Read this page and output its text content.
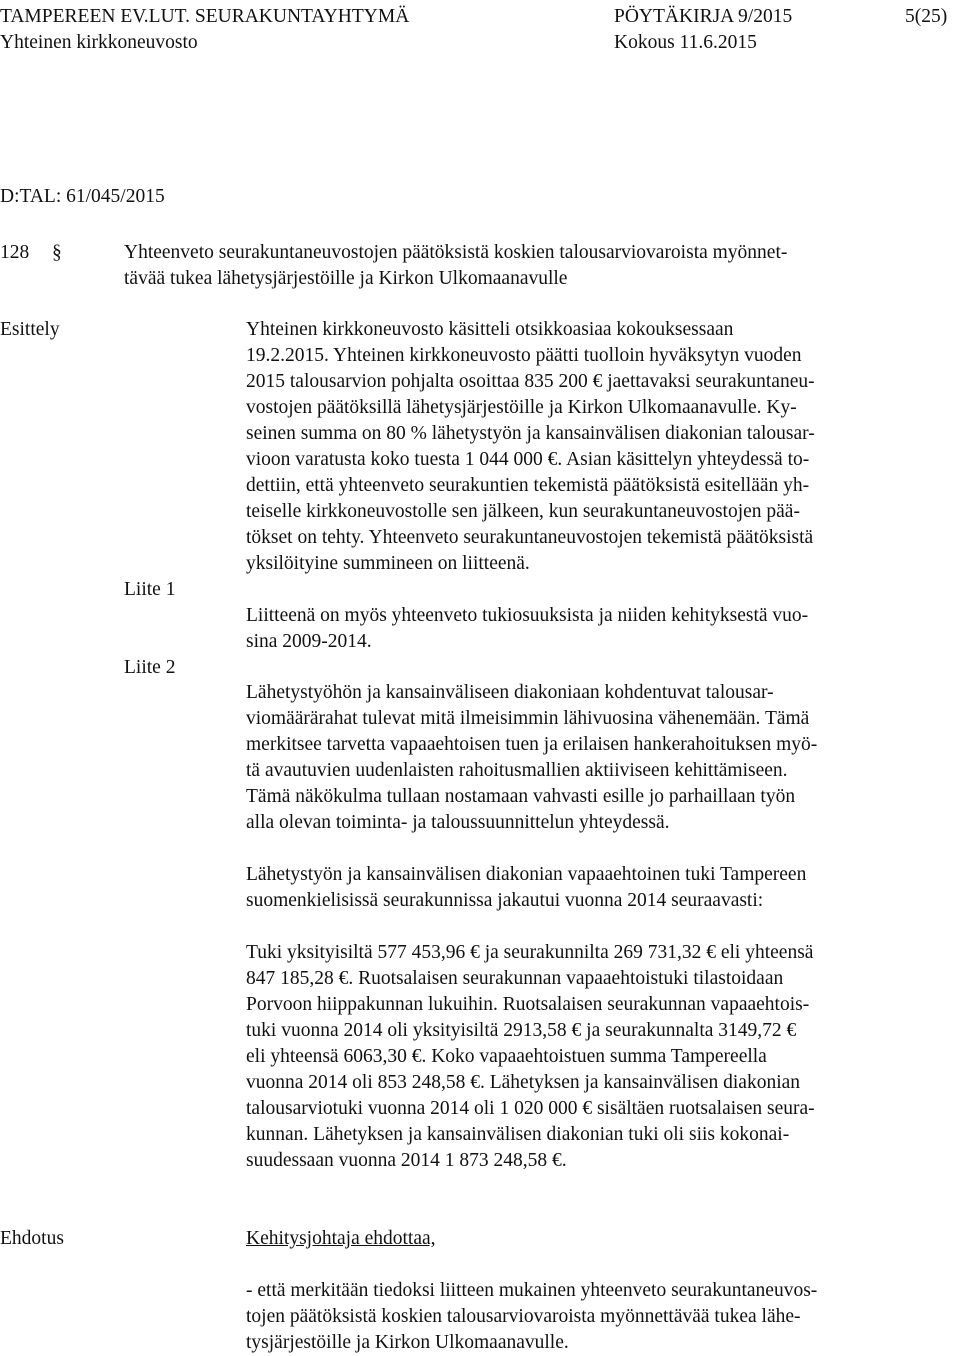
TAMPEREEN EV.LUT. SEURAKUNTAYHTYMÄ	PÖYTÄKIRJA 9/2015	5(25)
Yhteinen kirkkoneuvosto	Kokous 11.6.2015
D:TAL: 61/045/2015
128 §	Yhteenveto seurakuntaneuvostojen päätöksistä koskien talousarviovaroista myönnet-
tävää tukea lähetysjärjestöille ja Kirkon Ulkomaanavulle
Esittely
Liite 1
Liite 2
Ehdotus
Yhteinen kirkkoneuvosto käsitteli otsikkoasiaa kokouksessaan
19.2.2015. Yhteinen kirkkoneuvosto päätti tuolloin hyväksytyn vuoden
2015 talousarvion pohjalta osoittaa 835 200 € jaettavaksi seurakuntaneu-
vostojen päätöksillä lähetysjärjestöille ja Kirkon Ulkomaanavulle. Ky-
seinen summa on 80 % lähetystyön ja kansainvälisen diakonian talousar-
vioon varatusta koko tuesta 1 044 000 €. Asian käsittelyn yhteydessä to-
dettiin, että yhteenveto seurakuntien tekemistä päätöksistä esitellään yh-
teiselle kirkkoneuvostolle sen jälkeen, kun seurakuntaneuvostojen pää-
tökset on tehty. Yhteenveto seurakuntaneuvostojen tekemistä päätöksistä
yksilöityine summineen on liitteenä.
Liitteenä on myös yhteenveto tukiosuuksista ja niiden kehityksestä vuo-
sina 2009-2014.
Lähetystyöhön ja kansainväliseen diakoniaan kohdentuvat talousar-
viomäärärahat tulevat mitä ilmeisimmin lähivuosina vähenemään. Tämä
merkitsee tarvetta vapaaehtoisen tuen ja erilaisen hankerahoituksen myö-
tä avautuvien uudenlaisten rahoitusmallien aktiiviseen kehittämiseen.
Tämä näkökulma tullaan nostamaan vahvasti esille jo parhaillaan työn
alla olevan toiminta- ja taloussuunnittelun yhteydessä.
Lähetystyön ja kansainvälisen diakonian vapaaehtoinen tuki Tampereen
suomenkielisissä seurakunnissa jakautui vuonna 2014 seuraavasti:
Tuki yksityisiltä 577 453,96 € ja seurakunnilta 269 731,32 € eli yhteensä
847 185,28 €. Ruotsalaisen seurakunnan vapaaehtoistuki tilastoidaan
Porvoon hiippakunnan lukuihin. Ruotsalaisen seurakunnan vapaaehtois-
tuki vuonna 2014 oli yksityisiltä 2913,58 € ja seurakunnalta 3149,72 €
eli yhteensä 6063,30 €. Koko vapaaehtoistuen summa Tampereella
vuonna 2014 oli 853 248,58 €. Lähetyksen ja kansainvälisen diakonian
talousarviotuki vuonna 2014 oli 1 020 000 € sisältäen ruotsalaisen seura-
kunnan. Lähetyksen ja kansainvälisen diakonian tuki oli siis kokonai-
suudessaan vuonna 2014 1 873 248,58 €.
Kehitysjohtaja ehdottaa,
- että merkitään tiedoksi liitteen mukainen yhteenveto seurakuntaneuvos-
tojen päätöksistä koskien talousarviovaroista myönnettävää tukea lähe-
tysjärjestöille ja Kirkon Ulkomaanavulle.
